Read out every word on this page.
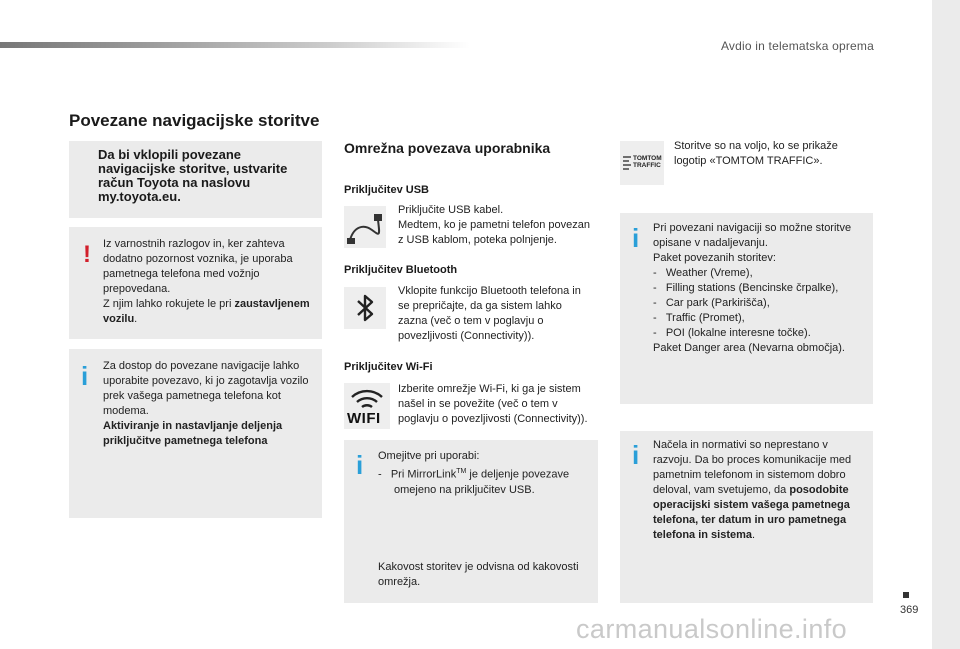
Avdio in telematska oprema
Povezane navigacijske storitve
Da bi vklopili povezane navigacijske storitve, ustvarite račun Toyota na naslovu my.toyota.eu.
! Iz varnostnih razlogov in, ker zahteva dodatno pozornost voznika, je uporaba pametnega telefona med vožnjo prepovedana.
Z njim lahko rokujete le pri zaustavljenem vozilu.
i Za dostop do povezane navigacije lahko uporabite povezavo, ki jo zagotavlja vozilo prek vašega pametnega telefona kot modema.
Aktiviranje in nastavljanje deljenja priključitve pametnega telefona
Omrežna povezava uporabnika
Priključitev USB
Priključite USB kabel.
Medtem, ko je pametni telefon povezan z USB kablom, poteka polnjenje.
Priključitev Bluetooth
Vklopite funkcijo Bluetooth telefona in se prepričajte, da ga sistem lahko zazna (več o tem v poglavju o povezljivosti (Connectivity)).
Priključitev Wi-Fi
WIFI
Izberite omrežje Wi-Fi, ki ga je sistem našel in se povežite (več o tem v poglavju o povezljivosti (Connectivity)).
i Omejitve pri uporabi:
-   Pri MirrorLink™ je deljenje povezave omejeno na priključitev USB.
Kakovost storitev je odvisna od kakovosti omrežja.
TOMTOM
TRAFFIC
Storitve so na voljo, ko se prikaže logotip «TOMTOM TRAFFIC».
i Pri povezani navigaciji so možne storitve opisane v nadaljevanju.
Paket povezanih storitev:
-   Weather (Vreme),
-   Filling stations (Bencinske črpalke),
-   Car park (Parkirišča),
-   Traffic (Promet),
-   POI (lokalne interesne točke).
Paket Danger area (Nevarna območja).
i Načela in normativi so neprestano v razvoju. Da bo proces komunikacije med pametnim telefonom in sistemom dobro deloval, vam svetujemo, da posodobite operacijski sistem vašega pametnega telefona, ter datum in uro pametnega telefona in sistema.
369
carmanualsonline.info
